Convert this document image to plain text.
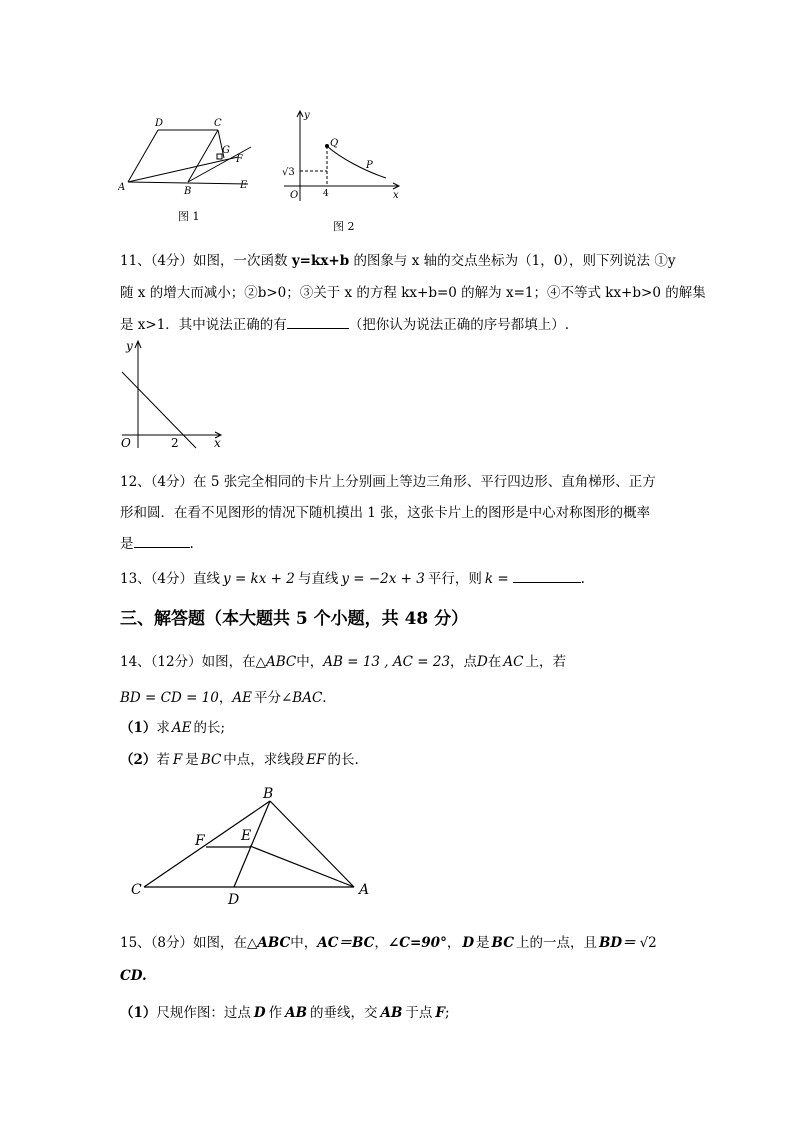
A	B
C
D
E
F
G
图 1
y
x
O
Q
P
√3
4
图 2
11、（4分）如图，一次函数 y=kx+b 的图象与 x 轴的交点坐标为（1，0），则下列说法 ①y
随 x 的增大而减小；②b>0；③关于 x 的方程 kx+b=0 的解为 x=1；④不等式 kx+b>0 的解集
是 x>1．其中说法正确的有	（把你认为说法正确的序号都填上）.
y
x
O	2
12、（4分）在 5 张完全相同的卡片上分别画上等边三角形、平行四边形、直角梯形、正方
形和圆．在看不见图形的情况下随机摸出 1 张，这张卡片上的图形是中心对称图形的概率
是	.
13、（4分）直线 y = kx + 2 与直线 y = −2x + 3 平行，则 k =	.
三、解答题（本大题共 5 个小题，共 48 分）
14、（12分）如图，在△ABC中，AB = 13 , AC = 23，点D在 AC 上，若
BD = CD = 10，AE 平分∠BAC.
（1）求 AE 的长;
（2）若 F 是 BC 中点，求线段 EF 的长.
C
B
A
D
E
F
15、（8分）如图，在△ABC中，AC＝BC，∠C=90°， D 是 BC 上的一点，且 BD＝ √2
CD.
（1）尺规作图：过点 D 作 AB 的垂线，交 AB 于点 F;
